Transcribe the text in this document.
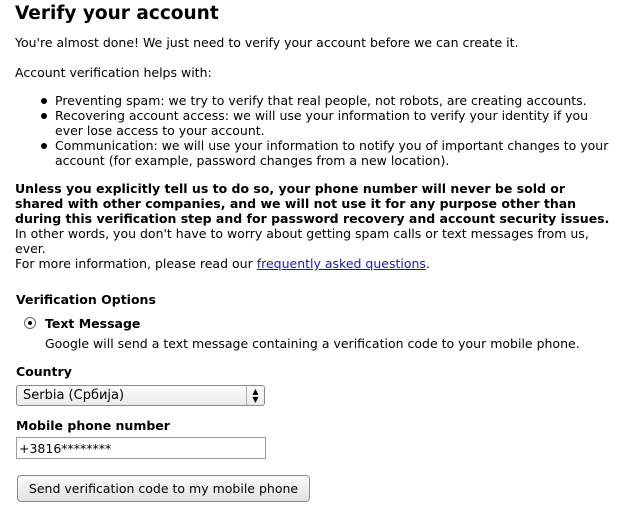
Verify your account

You're almost done! We just need to verify your account before we can create it.

Account verification helps with:

Preventing spam: we try to verify that real people, not robots, are creating accounts.
Recovering account access: we will use your information to verify your identity if you ever lose access to your account.
Communication: we will use your information to notify you of important changes to your account (for example, password changes from a new location).

Unless you explicitly tell us to do so, your phone number will never be sold or shared with other companies, and we will not use it for any purpose other than during this verification step and for password recovery and account security issues. In other words, you don't have to worry about getting spam calls or text messages from us, ever.

For more information, please read our frequently asked questions.

Verification Options
Text Message
Google will send a text message containing a verification code to your mobile phone.
Country
Serbia (Србија)	▲
▼
Mobile phone number
+3816********
Send verification code to my mobile phone
